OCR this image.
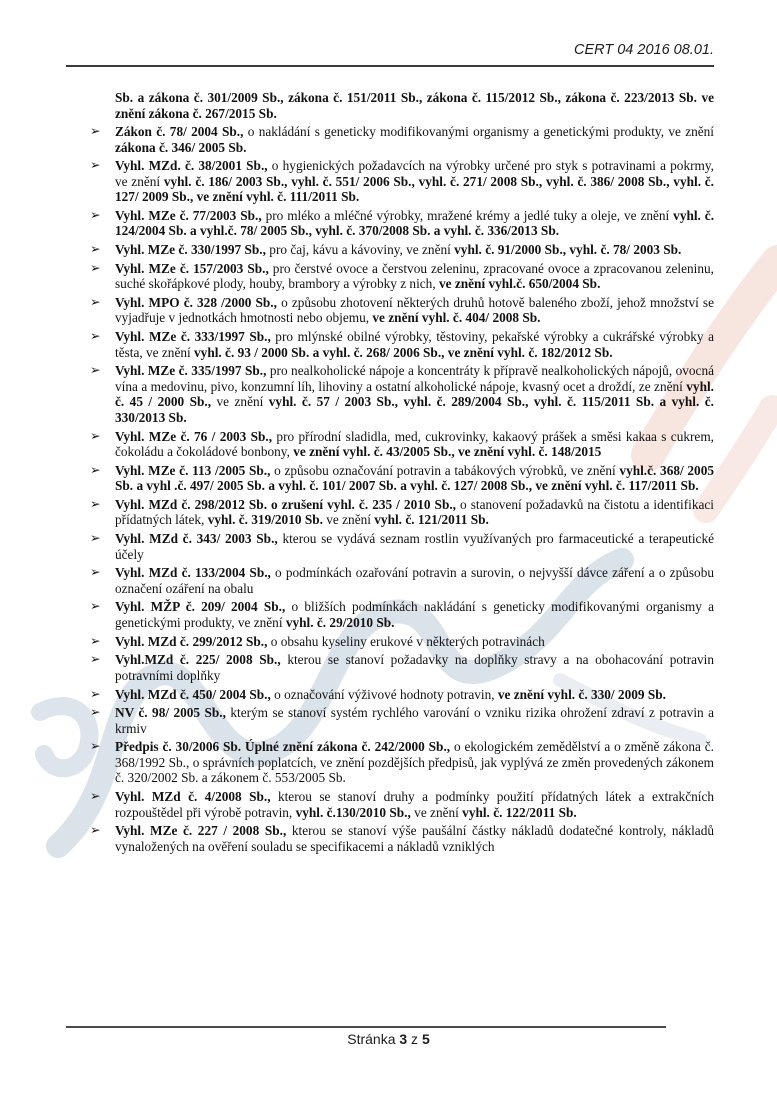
CERT 04 2016 08.01.

Sb. a zákona č. 301/2009 Sb., zákona č. 151/2011 Sb., zákona č. 115/2012 Sb., zákona č. 223/2013 Sb. ve znění zákona č. 267/2015 Sb.

➢ Zákon č. 78/ 2004 Sb., o nakládání s geneticky modifikovanými organismy a genetickými produkty, ve znění zákona č. 346/ 2005 Sb.
➢ Vyhl. MZd. č. 38/2001 Sb., o hygienických požadavcích na výrobky určené pro styk s potravinami a pokrmy, ve znění vyhl. č. 186/ 2003 Sb., vyhl. č. 551/ 2006 Sb., vyhl. č. 271/ 2008 Sb., vyhl. č. 386/ 2008 Sb., vyhl. č. 127/ 2009 Sb., ve znění vyhl. č. 111/2011 Sb.
➢ Vyhl. MZe č. 77/2003 Sb., pro mléko a mléčné výrobky, mražené krémy a jedlé tuky a oleje, ve znění vyhl. č. 124/2004 Sb. a vyhl.č. 78/ 2005 Sb., vyhl. č. 370/2008 Sb. a vyhl. č. 336/2013 Sb.
➢ Vyhl. MZe č. 330/1997 Sb., pro čaj, kávu a kávoviny, ve znění vyhl. č. 91/2000 Sb., vyhl. č. 78/ 2003 Sb.
➢ Vyhl. MZe č. 157/2003 Sb., pro čerstvé ovoce a čerstvou zeleninu, zpracované ovoce a zpracovanou zeleninu, suché skořápkové plody, houby, brambory a výrobky z nich, ve znění vyhl.č. 650/2004 Sb.
➢ Vyhl. MPO č. 328 /2000 Sb., o způsobu zhotovení některých druhů hotově baleného zboží, jehož množství se vyjadřuje v jednotkách hmotnosti nebo objemu, ve znění vyhl. č. 404/ 2008 Sb.
➢ Vyhl. MZe č. 333/1997 Sb., pro mlýnské obilné výrobky, těstoviny, pekařské výrobky a cukrářské výrobky a těsta, ve znění vyhl. č. 93 / 2000 Sb. a vyhl. č. 268/ 2006 Sb., ve znění vyhl. č. 182/2012 Sb.
➢ Vyhl. MZe č. 335/1997 Sb., pro nealkoholické nápoje a koncentráty k přípravě nealkoholických nápojů, ovocná vína a medovinu, pivo, konzumní líh, lihoviny a ostatní alkoholické nápoje, kvasný ocet a droždí, ze znění vyhl. č. 45 / 2000 Sb., ve znění vyhl. č. 57 / 2003 Sb., vyhl. č. 289/2004 Sb., vyhl. č. 115/2011 Sb. a vyhl. č. 330/2013 Sb.
➢ Vyhl. MZe č. 76 / 2003 Sb., pro přírodní sladidla, med, cukrovinky, kakaový prášek a směsi kakaa s cukrem, čokoládu a čokoládové bonbony, ve znění vyhl. č. 43/2005 Sb., ve znění vyhl. č. 148/2015
➢ Vyhl. MZe č. 113 /2005 Sb., o způsobu označování potravin a tabákových výrobků, ve znění vyhl.č. 368/ 2005 Sb. a vyhl .č. 497/ 2005 Sb. a vyhl. č. 101/ 2007 Sb. a vyhl. č. 127/ 2008 Sb., ve znění vyhl. č. 117/2011 Sb.
➢ Vyhl. MZd č. 298/2012 Sb. o zrušení vyhl. č. 235 / 2010 Sb., o stanovení požadavků na čistotu a identifikaci přídatných látek, vyhl. č. 319/2010 Sb. ve znění vyhl. č. 121/2011 Sb.
➢ Vyhl. MZd č. 343/ 2003 Sb., kterou se vydává seznam rostlin využívaných pro farmaceutické a terapeutické účely
➢ Vyhl. MZd č. 133/2004 Sb., o podmínkách ozařování potravin a surovin, o nejvyšší dávce záření a o způsobu označení ozáření na obalu
➢ Vyhl. MŽP č. 209/ 2004 Sb., o bližších podmínkách nakládání s geneticky modifikovanými organismy a genetickými produkty, ve znění vyhl. č. 29/2010 Sb.
➢ Vyhl. MZd č. 299/2012 Sb., o obsahu kyseliny erukové v některých potravinách
➢ Vyhl.MZd č. 225/ 2008 Sb., kterou se stanoví požadavky na doplňky stravy a na obohacování potravin potravními doplňky
➢ Vyhl. MZd č. 450/ 2004 Sb., o označování výživové hodnoty potravin, ve znění vyhl. č. 330/ 2009 Sb.
➢ NV č. 98/ 2005 Sb., kterým se stanoví systém rychlého varování o vzniku rizika ohrožení zdraví z potravin a krmiv
➢ Předpis č. 30/2006 Sb. Úplné znění zákona č. 242/2000 Sb., o ekologickém zemědělství a o změně zákona č. 368/1992 Sb., o správních poplatcích, ve znění pozdějších předpisů, jak vyplývá ze změn provedených zákonem č. 320/2002 Sb. a zákonem č. 553/2005 Sb.
➢ Vyhl. MZd č. 4/2008 Sb., kterou se stanoví druhy a podmínky použití přídatných látek a extrakčních rozpouštědel při výrobě potravin, vyhl. č.130/2010 Sb., ve znění vyhl. č. 122/2011 Sb.
➢ Vyhl. MZe č. 227 / 2008 Sb., kterou se stanoví výše paušální částky nákladů dodatečné kontroly, nákladů vynaložených na ověření souladu se specifikacemi a nákladů vzniklých
Stránka 3 z 5
